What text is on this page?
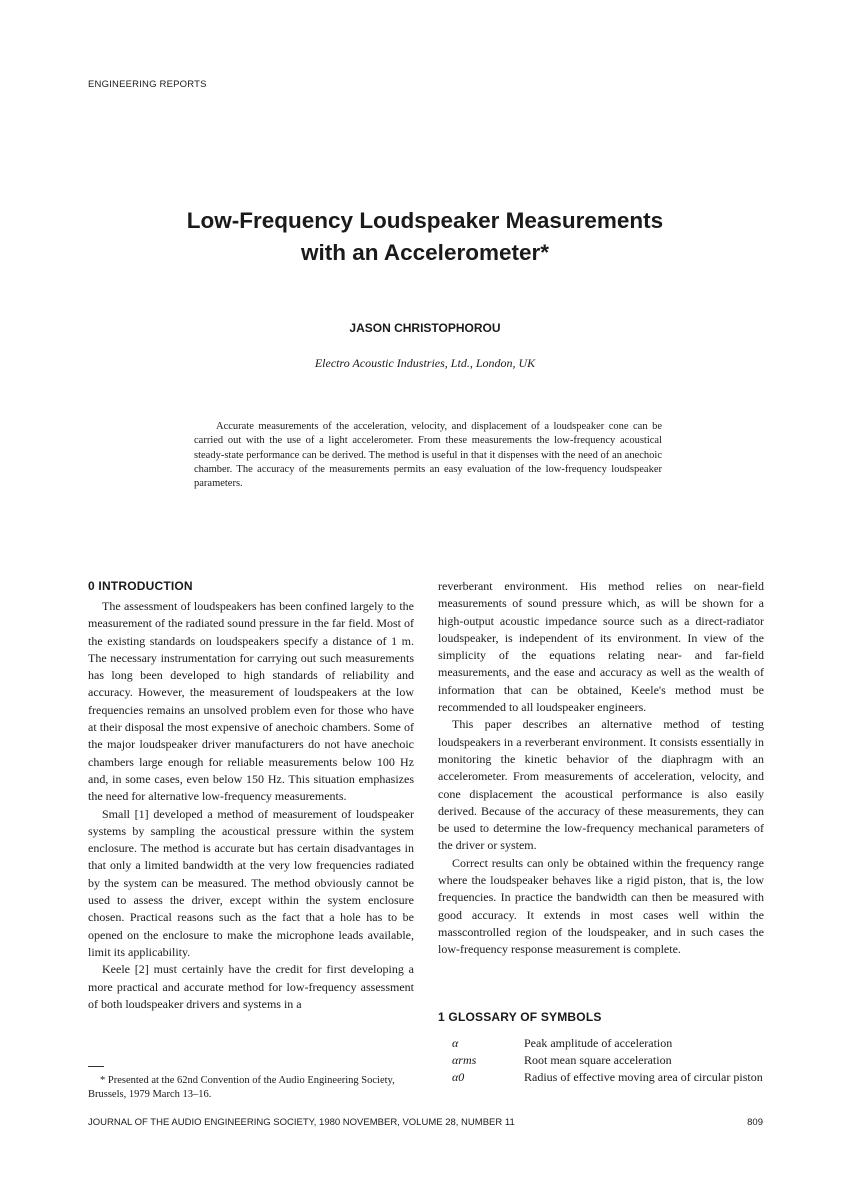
ENGINEERING REPORTS
Low-Frequency Loudspeaker Measurements
with an Accelerometer*
JASON CHRISTOPHOROU
Electro Acoustic Industries, Ltd., London, UK
Accurate measurements of the acceleration, velocity, and displacement of a loudspeaker cone can be carried out with the use of a light accelerometer. From these measurements the low-frequency acoustical steady-state performance can be derived. The method is useful in that it dispenses with the need of an anechoic chamber. The accuracy of the measurements permits an easy evaluation of the low-frequency loudspeaker parameters.
0 INTRODUCTION

The assessment of loudspeakers has been confined largely to the measurement of the radiated sound pressure in the far field. Most of the existing standards on loudspeakers specify a distance of 1 m. The necessary instrumentation for carrying out such measurements has long been developed to high standards of reliability and accuracy. However, the measurement of loudspeakers at the low frequencies remains an unsolved problem even for those who have at their disposal the most expensive of anechoic chambers. Some of the major loudspeaker driver manufacturers do not have anechoic chambers large enough for reliable measurements below 100 Hz and, in some cases, even below 150 Hz. This situation emphasizes the need for alternative low-frequency measurements.

Small [1] developed a method of measurement of loudspeaker systems by sampling the acoustical pressure within the system enclosure. The method is accurate but has certain disadvantages in that only a limited bandwidth at the very low frequencies radiated by the system can be measured. The method obviously cannot be used to assess the driver, except within the system enclosure chosen. Practical reasons such as the fact that a hole has to be opened on the enclosure to make the microphone leads available, limit its applicability.

Keele [2] must certainly have the credit for first developing a more practical and accurate method for low-frequency assessment of both loudspeaker drivers and systems in a

reverberant environment. His method relies on near-field measurements of sound pressure which, as will be shown for a high-output acoustic impedance source such as a direct-radiator loudspeaker, is independent of its environment. In view of the simplicity of the equations relating near- and far-field measurements, and the ease and accuracy as well as the wealth of information that can be obtained, Keele's method must be recommended to all loudspeaker engineers.

This paper describes an alternative method of testing loudspeakers in a reverberant environment. It consists essentially in monitoring the kinetic behavior of the diaphragm with an accelerometer. From measurements of acceleration, velocity, and cone displacement the acoustical performance is also easily derived. Because of the accuracy of these measurements, they can be used to determine the low-frequency mechanical parameters of the driver or system.

Correct results can only be obtained within the frequency range where the loudspeaker behaves like a rigid piston, that is, the low frequencies. In practice the bandwidth can then be measured with good accuracy. It extends in most cases well within the masscontrolled region of the loudspeaker, and in such cases the low-frequency response measurement is complete.

1 GLOSSARY OF SYMBOLS
α	Peak amplitude of acceleration
αrms	Root mean square acceleration
α0	Radius of effective moving area of circular piston
* Presented at the 62nd Convention of the Audio Engineering Society, Brussels, 1979 March 13–16.
JOURNAL OF THE AUDIO ENGINEERING SOCIETY, 1980 NOVEMBER, VOLUME 28, NUMBER 11	809
